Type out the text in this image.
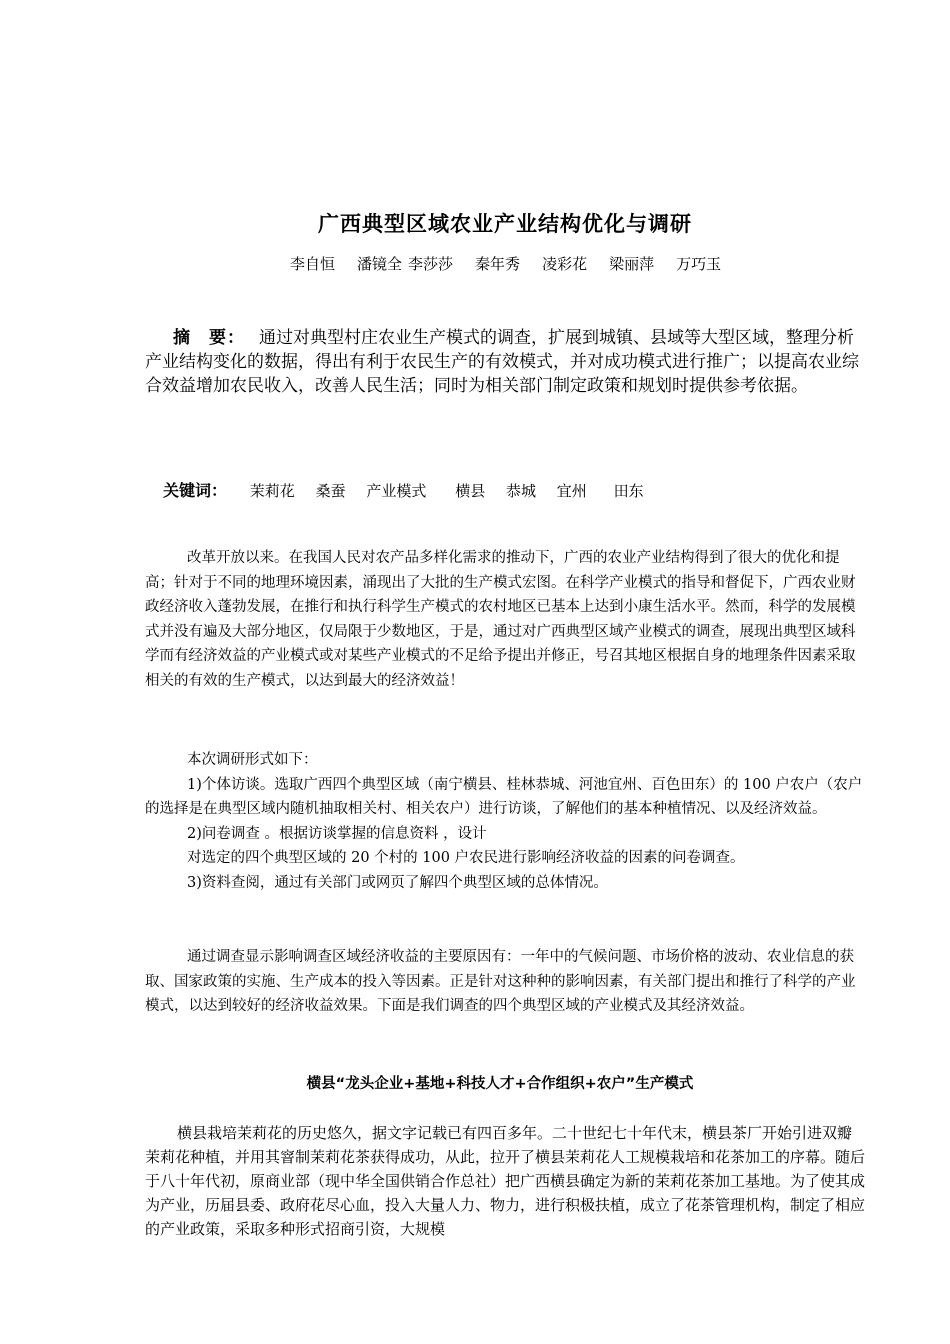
广西典型区域农业产业结构优化与调研
李自恒 潘镜全 李莎莎 秦年秀 凌彩花 梁丽萍 万巧玉
摘 要： 通过对典型村庄农业生产模式的调查，扩展到城镇、县域等大型区域，整理分析产业结构变化的数据，得出有利于农民生产的有效模式，并对成功模式进行推广；以提高农业综合效益增加农民收入，改善人民生活；同时为相关部门制定政策和规划时提供参考依据。
关键词： 茉莉花 桑蚕 产业模式 横县 恭城 宜州 田东
改革开放以来。在我国人民对农产品多样化需求的推动下，广西的农业产业结构得到了很大的优化和提高；针对于不同的地理环境因素，涌现出了大批的生产模式宏图。在科学产业模式的指导和督促下，广西农业财政经济收入蓬勃发展，在推行和执行科学生产模式的农村地区已基本上达到小康生活水平。然而，科学的发展模式并没有遍及大部分地区，仅局限于少数地区，于是，通过对广西典型区域产业模式的调查，展现出典型区域科学而有经济效益的产业模式或对某些产业模式的不足给予提出并修正，号召其地区根据自身的地理条件因素采取相关的有效的生产模式，以达到最大的经济效益！
本次调研形式如下：
1)个体访谈。选取广西四个典型区域（南宁横县、桂林恭城、河池宜州、百色田东）的 100 户农户（农户的选择是在典型区域内随机抽取相关村、相关农户）进行访谈，了解他们的基本种植情况、以及经济效益。
2)问卷调查 。根据访谈掌握的信息资料 ，设计
对选定的四个典型区域的 20 个村的 100 户农民进行影响经济收益的因素的问卷调查。
3)资料查阅，通过有关部门或网页了解四个典型区域的总体情况。
通过调查显示影响调查区域经济收益的主要原因有：一年中的气候问题、市场价格的波动、农业信息的获取、国家政策的实施、生产成本的投入等因素。正是针对这种种的影响因素，有关部门提出和推行了科学的产业模式，以达到较好的经济收益效果。下面是我们调查的四个典型区域的产业模式及其经济效益。
横县“龙头企业+基地+科技人才+合作组织+农户”生产模式
横县栽培茉莉花的历史悠久，据文字记载已有四百多年。二十世纪七十年代末，横县茶厂开始引进双瓣茉莉花种植，并用其窨制茉莉花茶获得成功，从此，拉开了横县茉莉花人工规模栽培和花茶加工的序幕。随后于八十年代初，原商业部（现中华全国供销合作总社）把广西横县确定为新的茉莉花茶加工基地。为了使其成为产业，历届县委、政府花尽心血，投入大量人力、物力，进行积极扶植，成立了花茶管理机构，制定了相应的产业政策，采取多种形式招商引资，大规模
